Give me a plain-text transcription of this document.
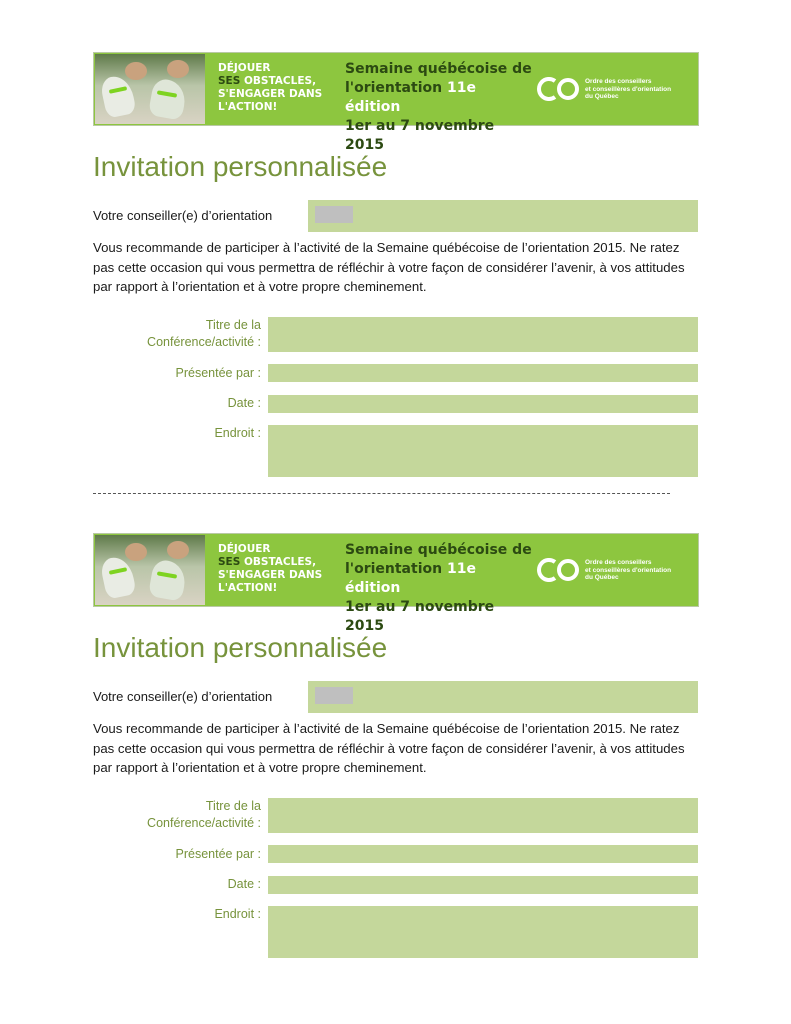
DÉJOUER
SES OBSTACLES,
S'ENGAGER DANS
L'ACTION!
Semaine québécoise de
l'orientation 11e édition
1er au 7 novembre 2015
Ordre des conseillers
et conseillères d'orientation
du Québec
Invitation personnalisée
Votre conseiller(e) d’orientation

Vous recommande de participer à l’activité de la Semaine québécoise de l’orientation 2015. Ne ratez pas cette occasion qui vous permettra de réfléchir à votre façon de considérer l’avenir, à vos attitudes par rapport à l’orientation et à votre propre cheminement.

Titre de la
Conférence/activité :
Présentée par :
Date :
Endroit :
DÉJOUER
SES OBSTACLES,
S'ENGAGER DANS
L'ACTION!
Semaine québécoise de
l'orientation 11e édition
1er au 7 novembre 2015
Ordre des conseillers
et conseillères d'orientation
du Québec
Invitation personnalisée
Votre conseiller(e) d’orientation

Vous recommande de participer à l’activité de la Semaine québécoise de l’orientation 2015. Ne ratez pas cette occasion qui vous permettra de réfléchir à votre façon de considérer l’avenir, à vos attitudes par rapport à l’orientation et à votre propre cheminement.

Titre de la
Conférence/activité :
Présentée par :
Date :
Endroit :
